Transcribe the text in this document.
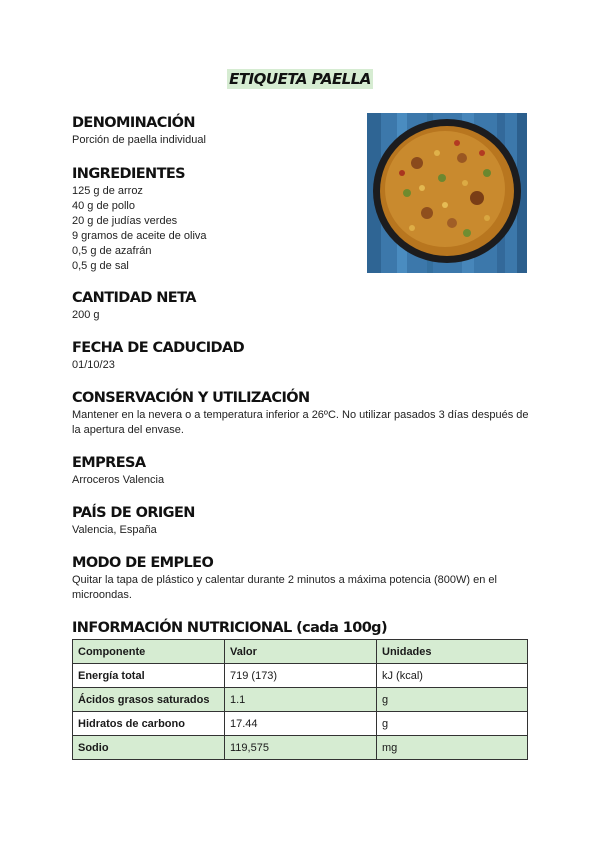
ETIQUETA PAELLA
DENOMINACIÓN

Porción de paella individual

INGREDIENTES
125 g de arroz
40 g de pollo
20 g de judías verdes
9 gramos de aceite de oliva
0,5 g de azafrán
0,5 g de sal
CANTIDAD NETA

200 g

FECHA DE CADUCIDAD

01/10/23

CONSERVACIÓN Y UTILIZACIÓN

Mantener en la nevera o a temperatura inferior a 26ºC. No utilizar pasados 3 días después de la apertura del envase.

EMPRESA

Arroceros Valencia

PAÍS DE ORIGEN

Valencia, España

MODO DE EMPLEO

Quitar la tapa de plástico y calentar durante 2 minutos a máxima potencia (800W) en el microondas.

INFORMACIÓN NUTRICIONAL (cada 100g)
Componente	Valor	Unidades
Energía total	719 (173)	kJ (kcal)
Ácidos grasos saturados	1.1	g
Hidratos de carbono	17.44	g
Sodio	119,575	mg
